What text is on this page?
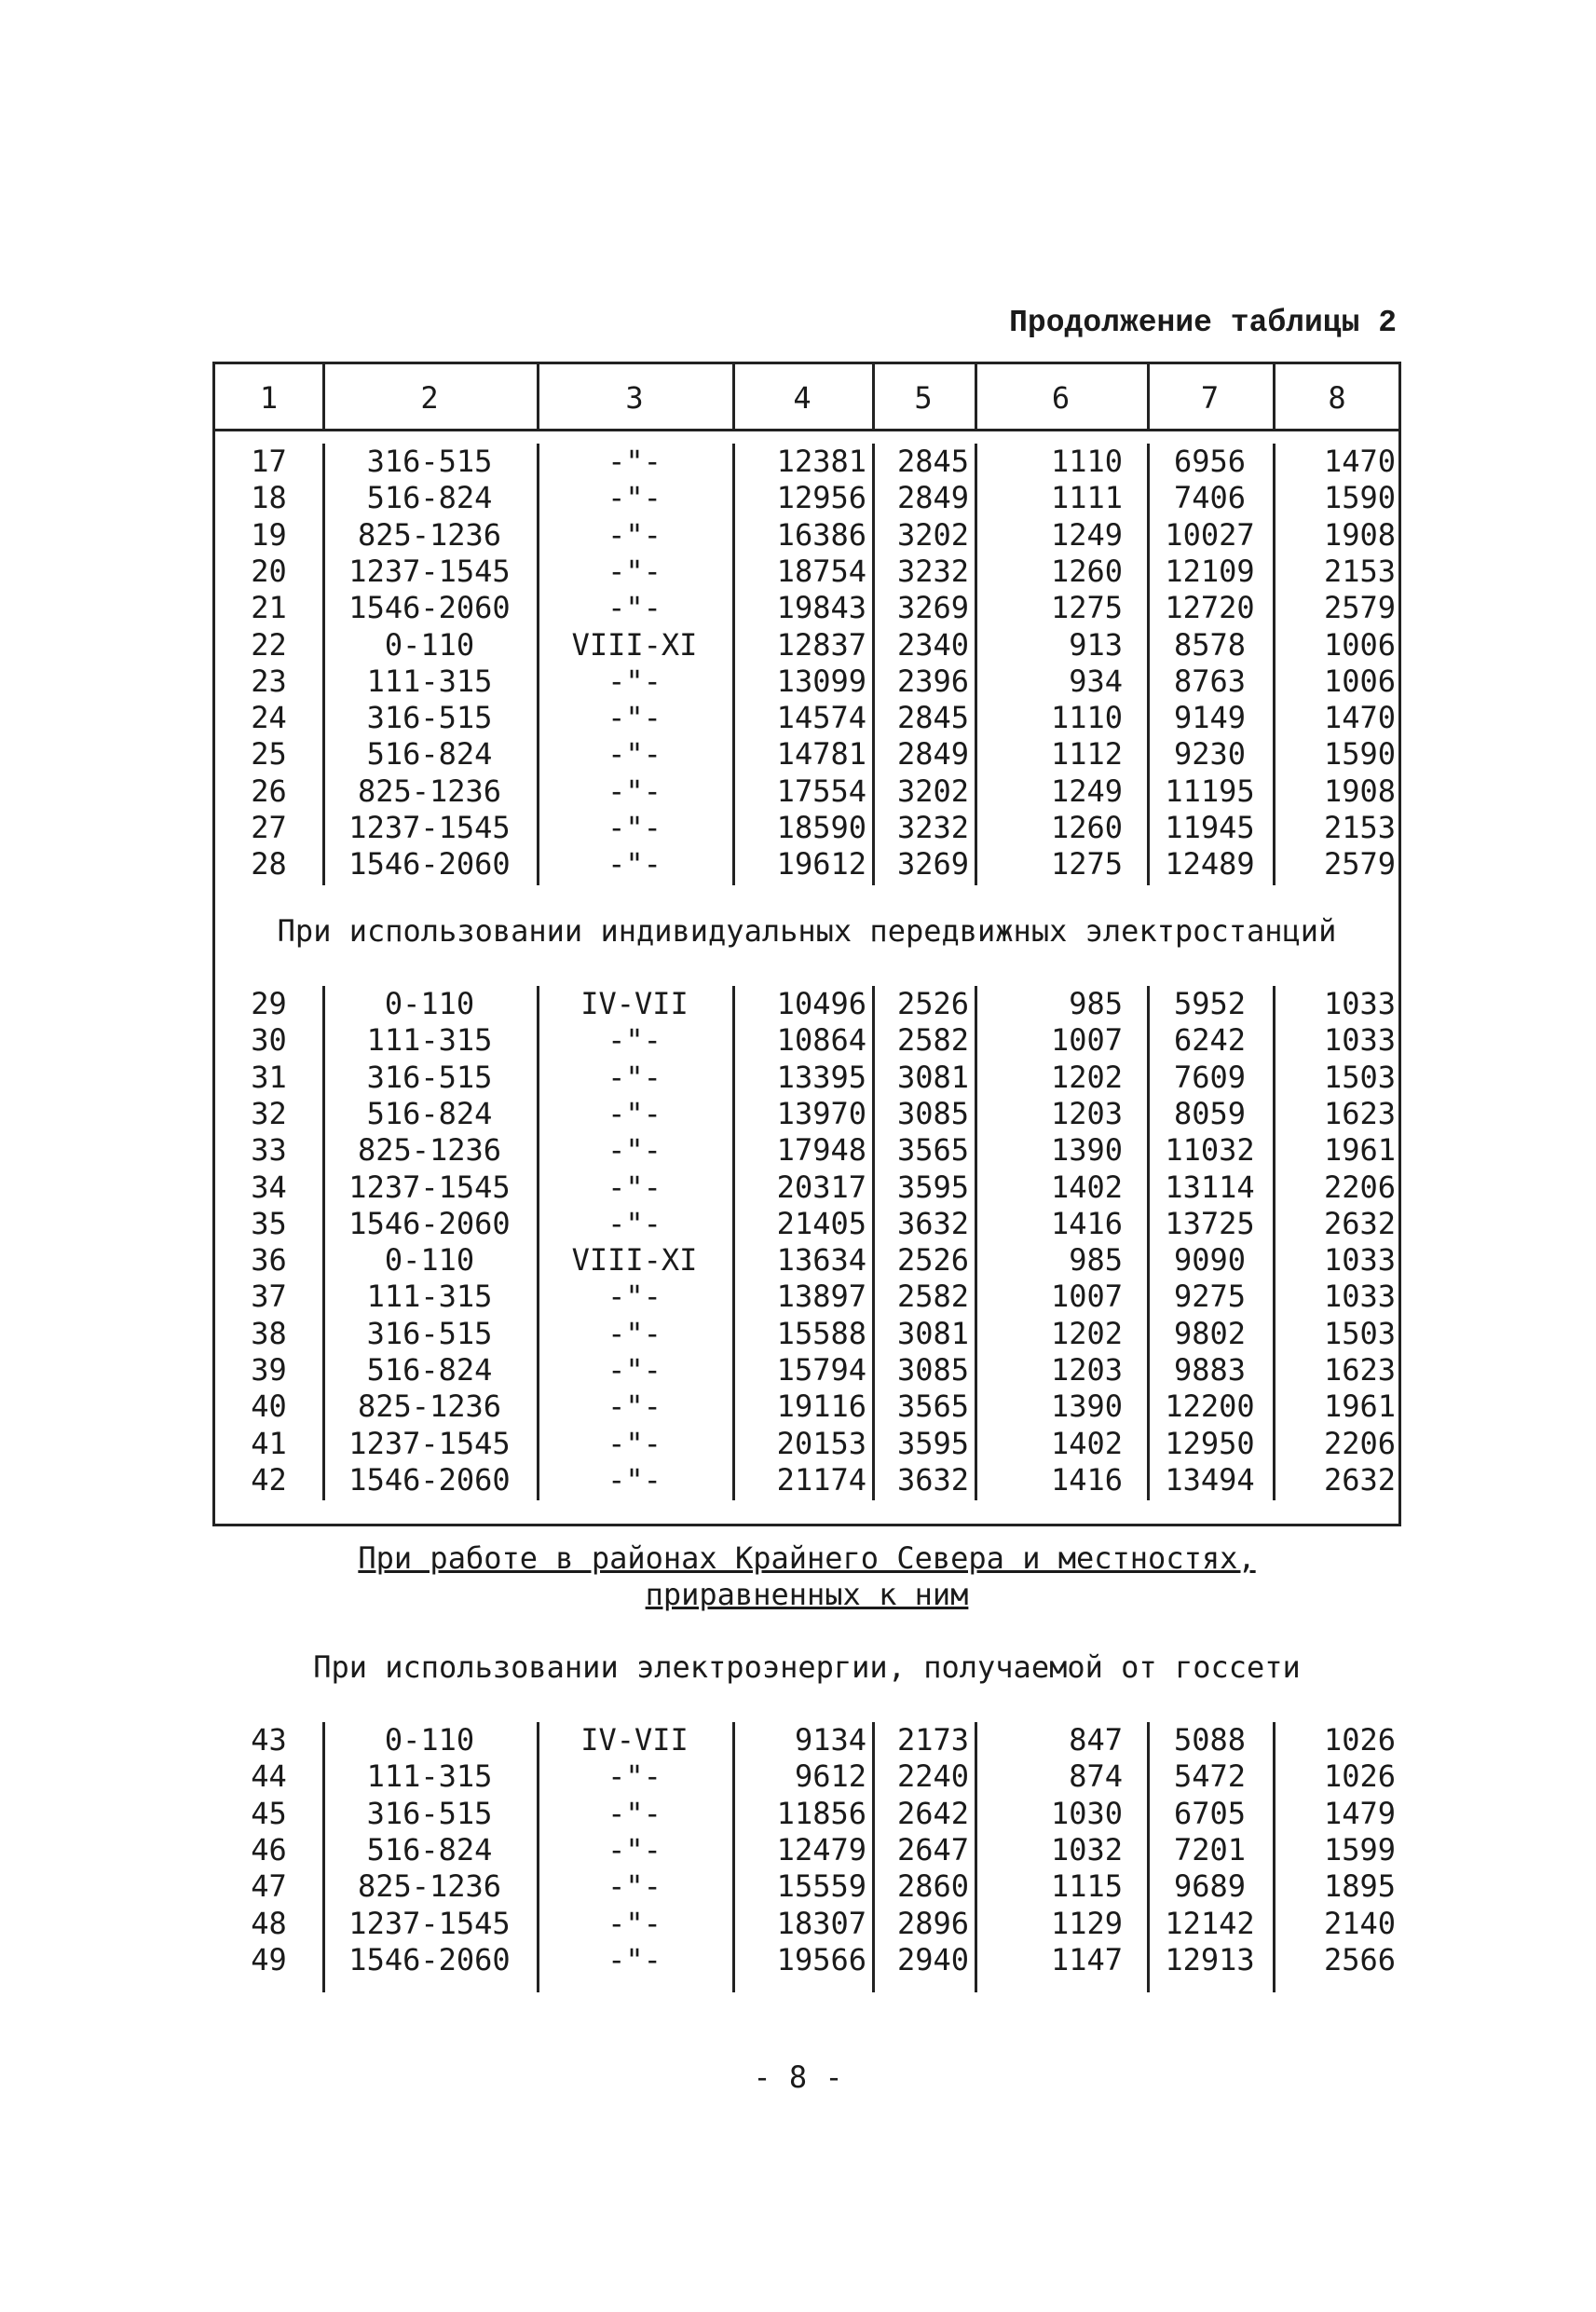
Продолжение таблицы 2
1	2	3	4	5	6	7	8
17	316-515	-"-	12381	2845	1110	6956	1470
18	516-824	-"-	12956	2849	1111	7406	1590
19	825-1236	-"-	16386	3202	1249	10027	1908
20	1237-1545	-"-	18754	3232	1260	12109	2153
21	1546-2060	-"-	19843	3269	1275	12720	2579
22	0-110	VIII-XI	12837	2340	913	8578	1006
23	111-315	-"-	13099	2396	934	8763	1006
24	316-515	-"-	14574	2845	1110	9149	1470
25	516-824	-"-	14781	2849	1112	9230	1590
26	825-1236	-"-	17554	3202	1249	11195	1908
27	1237-1545	-"-	18590	3232	1260	11945	2153
28	1546-2060	-"-	19612	3269	1275	12489	2579
При использовании индивидуальных передвижных электростанций
29	0-110	IV-VII	10496	2526	985	5952	1033
30	111-315	-"-	10864	2582	1007	6242	1033
31	316-515	-"-	13395	3081	1202	7609	1503
32	516-824	-"-	13970	3085	1203	8059	1623
33	825-1236	-"-	17948	3565	1390	11032	1961
34	1237-1545	-"-	20317	3595	1402	13114	2206
35	1546-2060	-"-	21405	3632	1416	13725	2632
36	0-110	VIII-XI	13634	2526	985	9090	1033
37	111-315	-"-	13897	2582	1007	9275	1033
38	316-515	-"-	15588	3081	1202	9802	1503
39	516-824	-"-	15794	3085	1203	9883	1623
40	825-1236	-"-	19116	3565	1390	12200	1961
41	1237-1545	-"-	20153	3595	1402	12950	2206
42	1546-2060	-"-	21174	3632	1416	13494	2632
При работе в районах Крайнего Севера и местностях,
приравненных к ним
При использовании электроэнергии, получаемой от госсети
43	0-110	IV-VII	9134	2173	847	5088	1026
44	111-315	-"-	9612	2240	874	5472	1026
45	316-515	-"-	11856	2642	1030	6705	1479
46	516-824	-"-	12479	2647	1032	7201	1599
47	825-1236	-"-	15559	2860	1115	9689	1895
48	1237-1545	-"-	18307	2896	1129	12142	2140
49	1546-2060	-"-	19566	2940	1147	12913	2566
- 8 -
